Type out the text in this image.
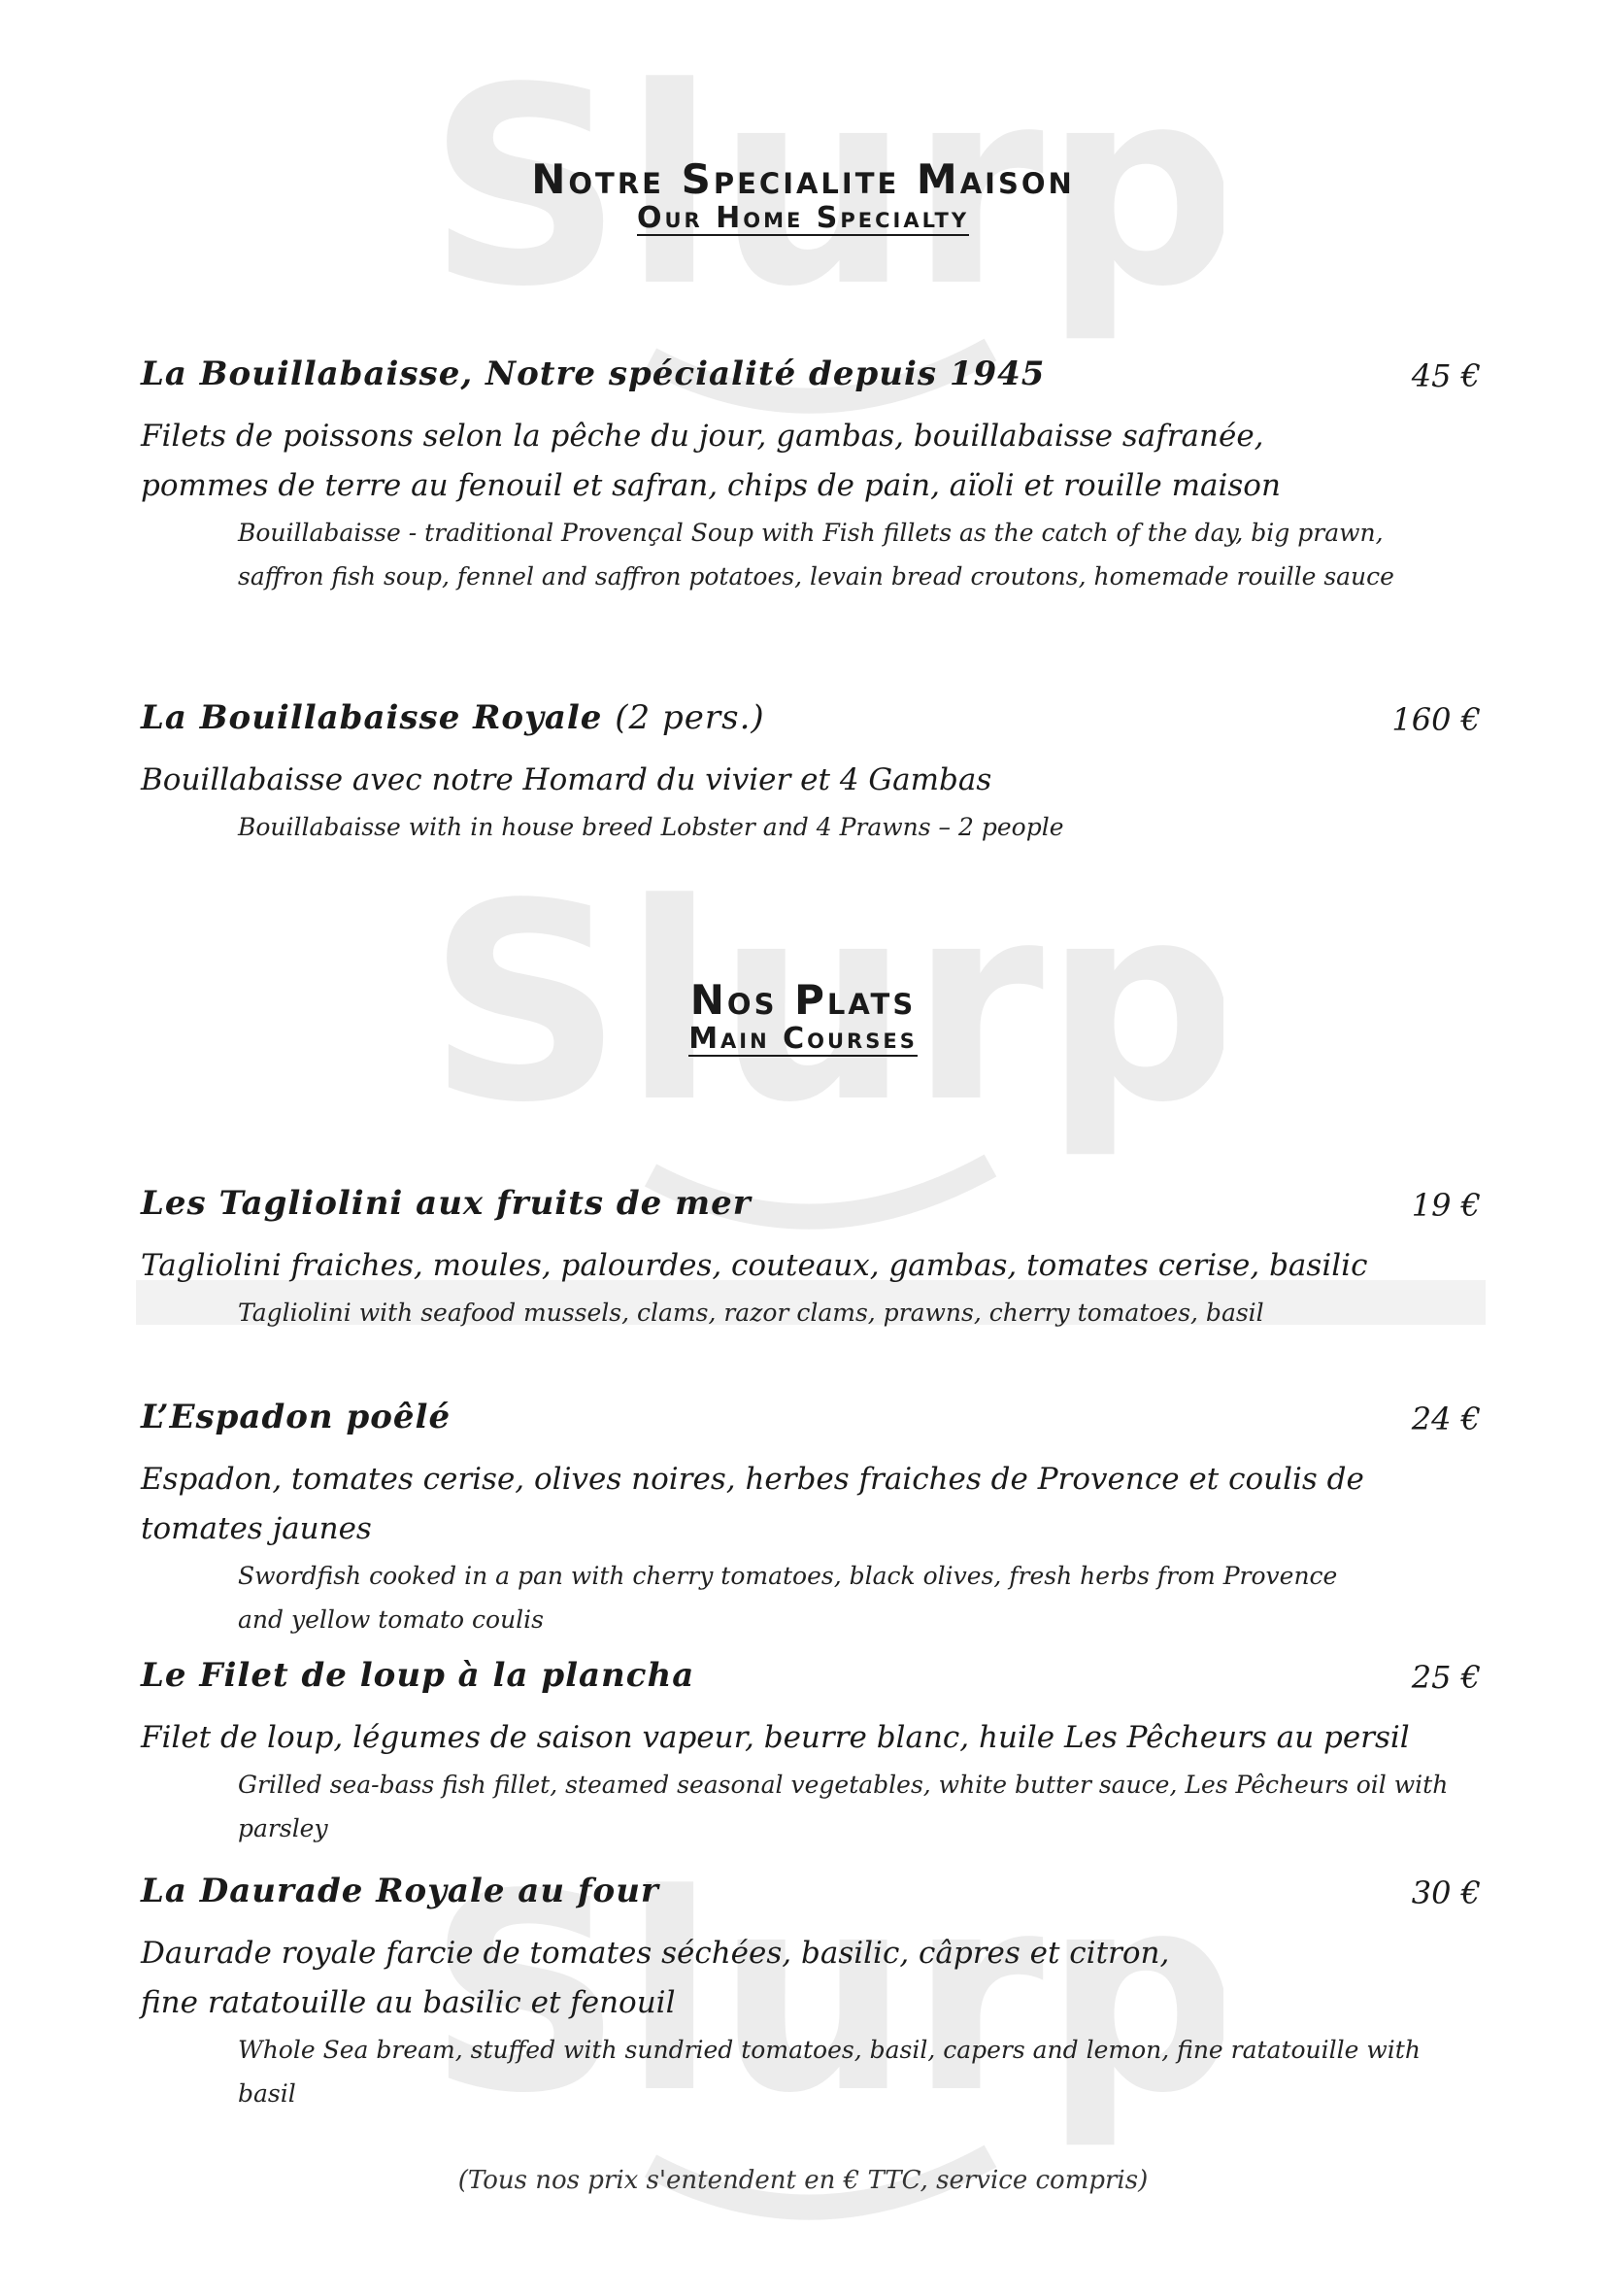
Slurp
Slurp
Slurp
Notre Specialite Maison
Our Home Specialty
La Bouillabaisse, Notre spécialité depuis 1945	45 €
Filets de poissons selon la pêche du jour, gambas, bouillabaisse safranée,
pommes de terre au fenouil et safran, chips de pain, aïoli et rouille maison
Bouillabaisse - traditional Provençal Soup with Fish fillets as the catch of the day, big prawn,
saffron fish soup, fennel and saffron potatoes, levain bread croutons, homemade rouille sauce
La Bouillabaisse Royale (2 pers.)	160 €
Bouillabaisse avec notre Homard du vivier et 4 Gambas
Bouillabaisse with in house breed Lobster and 4 Prawns – 2 people
Nos Plats
Main Courses
Les Tagliolini aux fruits de mer	19 €
Tagliolini fraiches, moules, palourdes, couteaux, gambas, tomates cerise, basilic
Tagliolini with seafood mussels, clams, razor clams, prawns, cherry tomatoes, basil
L’Espadon poêlé	24 €
Espadon, tomates cerise, olives noires, herbes fraiches de Provence et coulis de tomates jaunes
Swordfish cooked in a pan with cherry tomatoes, black olives, fresh herbs from Provence
and yellow tomato coulis
Le Filet de loup à la plancha	25 €
Filet de loup, légumes de saison vapeur, beurre blanc, huile Les Pêcheurs au persil
Grilled sea-bass fish fillet, steamed seasonal vegetables, white butter sauce, Les Pêcheurs oil with parsley
La Daurade Royale au four	30 €
Daurade royale farcie de tomates séchées, basilic, câpres et citron,
fine ratatouille au basilic et fenouil
Whole Sea bream, stuffed with sundried tomatoes, basil, capers and lemon, fine ratatouille with basil
(Tous nos prix s'entendent en € TTC, service compris)
